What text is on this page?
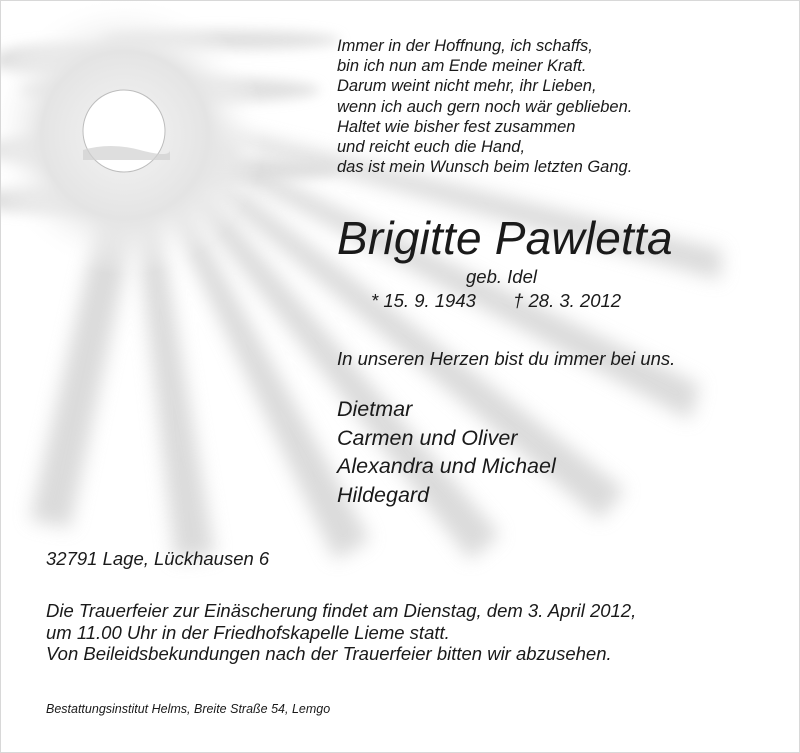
Immer in der Hoffnung, ich schaffs,
bin ich nun am Ende meiner Kraft.
Darum weint nicht mehr, ihr Lieben,
wenn ich auch gern noch wär geblieben.
Haltet wie bisher fest zusammen
und reicht euch die Hand,
das ist mein Wunsch beim letzten Gang.
Brigitte Pawletta
geb. Idel
* 15. 9. 1943 † 28. 3. 2012
In unseren Herzen bist du immer bei uns.
Dietmar
Carmen und Oliver
Alexandra und Michael
Hildegard
32791 Lage, Lückhausen 6
Die Trauerfeier zur Einäscherung findet am Dienstag, dem 3. April 2012,
um 11.00 Uhr in der Friedhofskapelle Lieme statt.
Von Beileidsbekundungen nach der Trauerfeier bitten wir abzusehen.
Bestattungsinstitut Helms, Breite Straße 54, Lemgo
